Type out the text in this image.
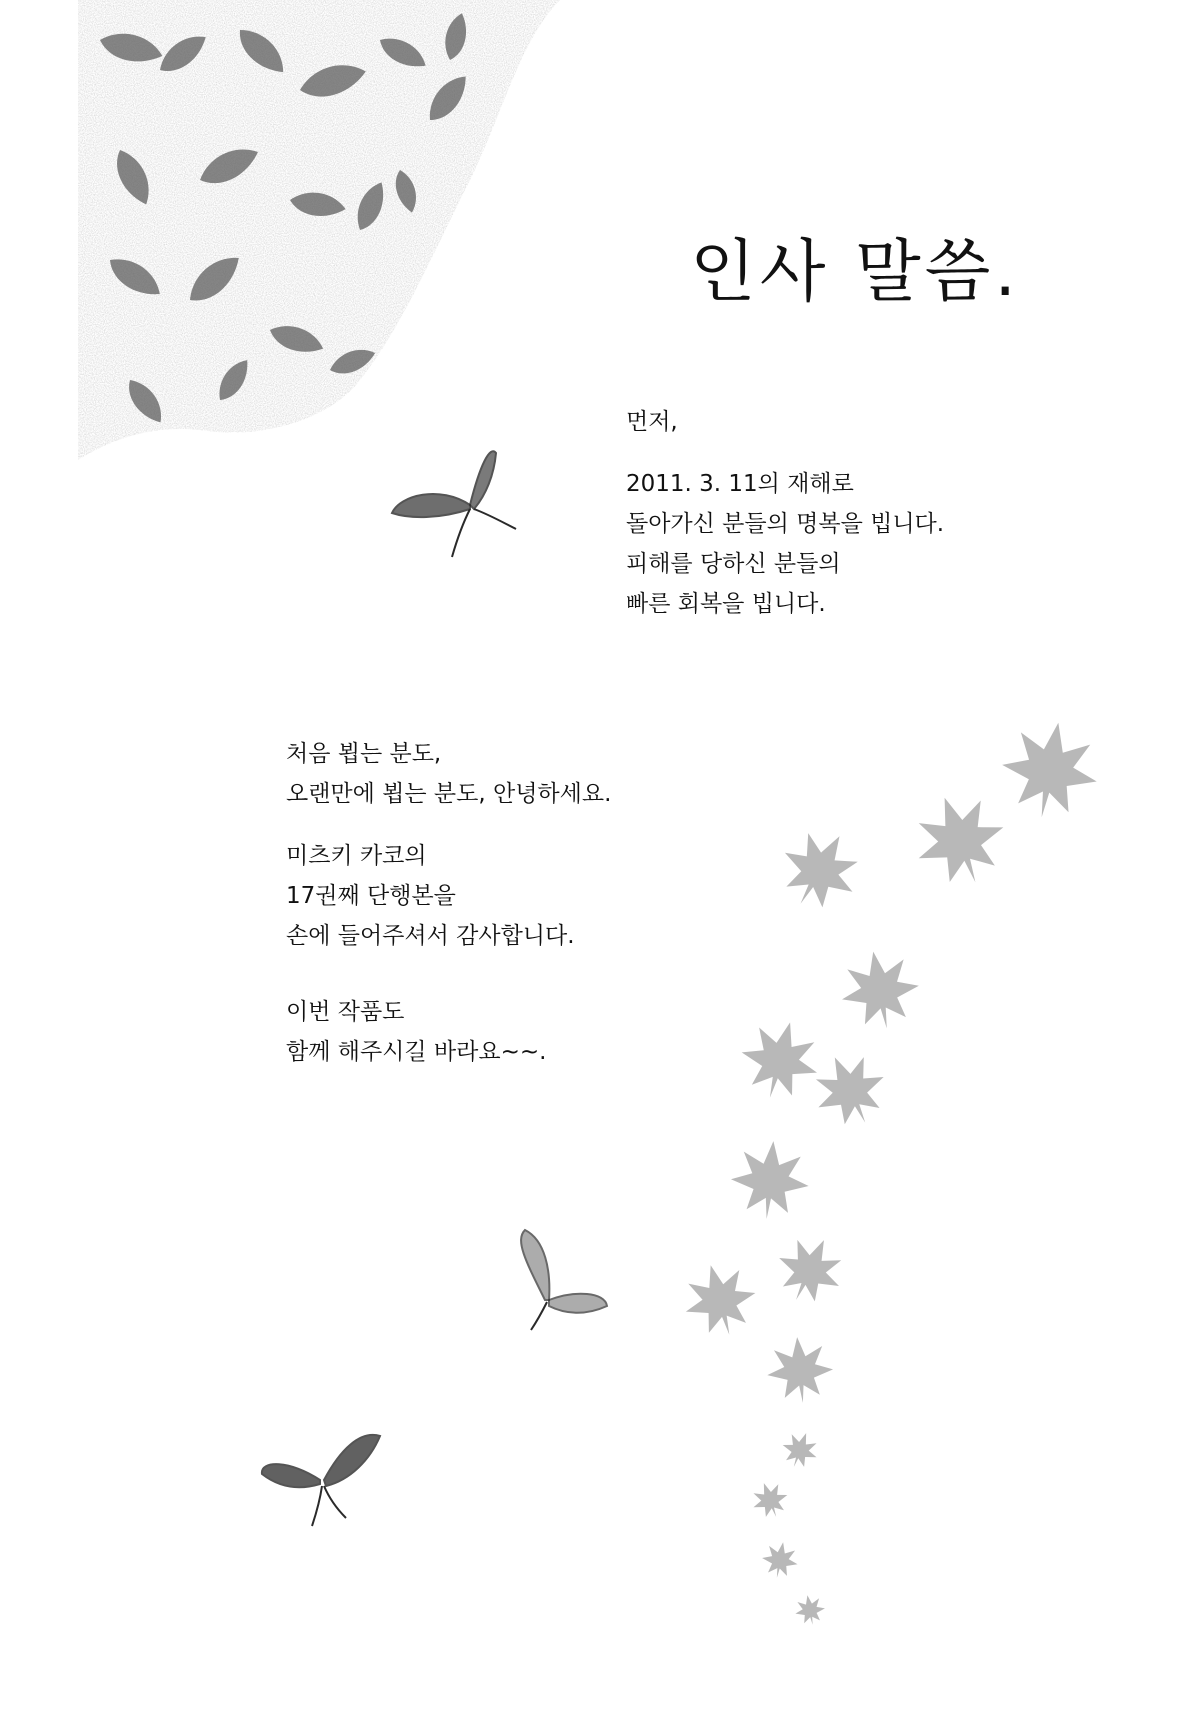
인사 말씀.
먼저,
2011. 3. 11의 재해로
돌아가신 분들의 명복을 빕니다.
피해를 당하신 분들의
빠른 회복을 빕니다.
처음 뵙는 분도,
오랜만에 뵙는 분도, 안녕하세요.
미츠키 카코의
17권째 단행본을
손에 들어주셔서 감사합니다.
이번 작품도
함께 해주시길 바라요~~.
